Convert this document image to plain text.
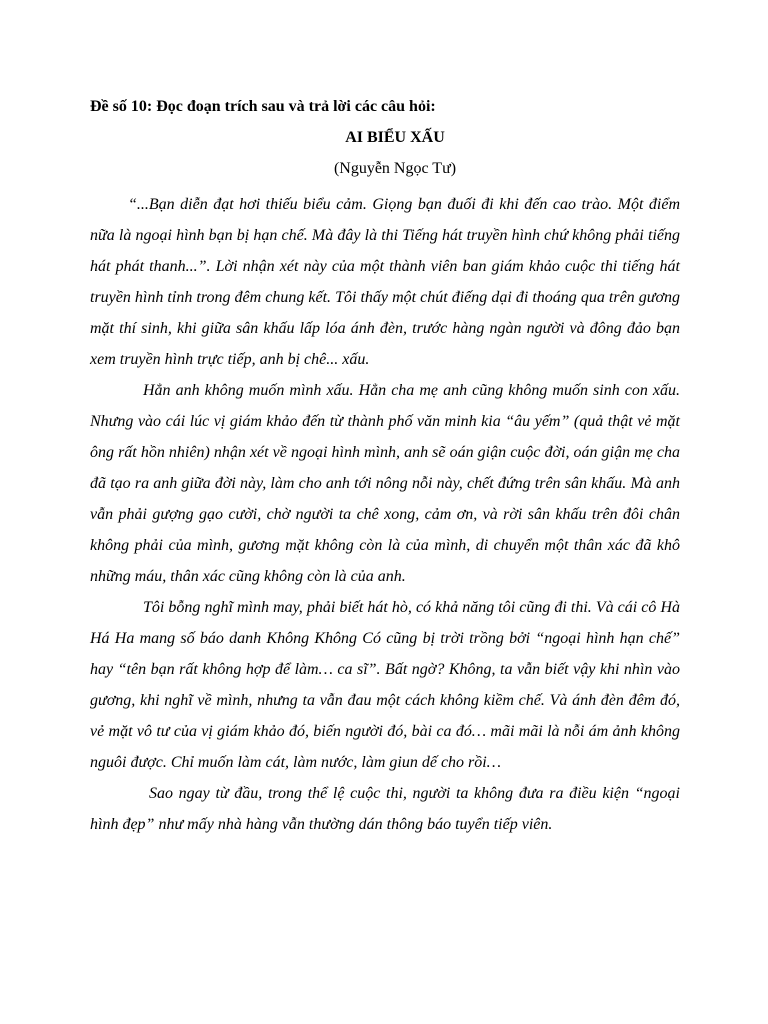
Đề số 10: Đọc đoạn trích sau và trả lời các câu hỏi:
AI BIỂU XẤU
(Nguyễn Ngọc Tư)

“...Bạn diễn đạt hơi thiếu biểu cảm. Giọng bạn đuối đi khi đến cao trào. Một điểm nữa là ngoại hình bạn bị hạn chế. Mà đây là thi Tiếng hát truyền hình chứ không phải tiếng hát phát thanh...”. Lời nhận xét này của một thành viên ban giám khảo cuộc thi tiếng hát truyền hình tỉnh trong đêm chung kết. Tôi thấy một chút điếng dại đi thoáng qua trên gương mặt thí sinh, khi giữa sân khấu lấp lóa ánh đèn, trước hàng ngàn người và đông đảo bạn xem truyền hình trực tiếp, anh bị chê... xấu.

Hẳn anh không muốn mình xấu. Hẳn cha mẹ anh cũng không muốn sinh con xấu. Nhưng vào cái lúc vị giám khảo đến từ thành phố văn minh kia “âu yếm” (quả thật vẻ mặt ông rất hồn nhiên) nhận xét về ngoại hình mình, anh sẽ oán giận cuộc đời, oán giận mẹ cha đã tạo ra anh giữa đời này, làm cho anh tới nông nỗi này, chết đứng trên sân khấu. Mà anh vẫn phải gượng gạo cười, chờ người ta chê xong, cảm ơn, và rời sân khấu trên đôi chân không phải của mình, gương mặt không còn là của mình, di chuyển một thân xác đã khô những máu, thân xác cũng không còn là của anh.

Tôi bỗng nghĩ mình may, phải biết hát hò, có khả năng tôi cũng đi thi. Và cái cô Hà Há Ha mang số báo danh Không Không Có cũng bị trời trồng bởi “ngoại hình hạn chế” hay “tên bạn rất không hợp để làm… ca sĩ”. Bất ngờ? Không, ta vẫn biết vậy khi nhìn vào gương, khi nghĩ về mình, nhưng ta vẫn đau một cách không kiềm chế. Và ánh đèn đêm đó, vẻ mặt vô tư của vị giám khảo đó, biến người đó, bài ca đó… mãi mãi là nỗi ám ảnh không nguôi được. Chỉ muốn làm cát, làm nước, làm giun dế cho rồi…

Sao ngay từ đầu, trong thể lệ cuộc thi, người ta không đưa ra điều kiện “ngoại hình đẹp” như mấy nhà hàng vẫn thường dán thông báo tuyển tiếp viên.
